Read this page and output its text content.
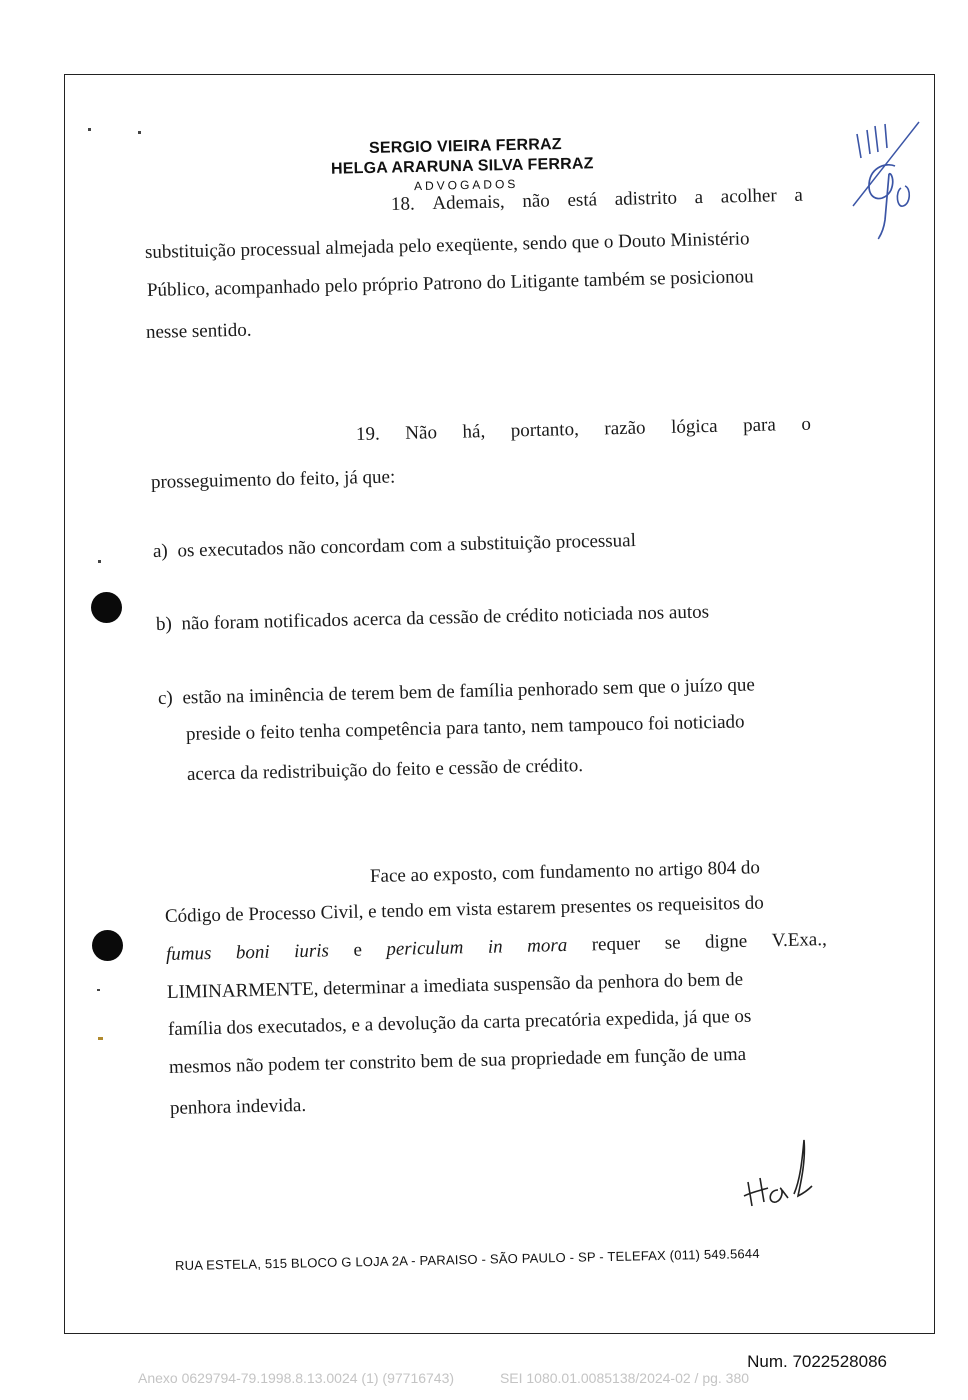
SERGIO VIEIRA FERRAZ
HELGA ARARUNA SILVA FERRAZ
ADVOGADOS
18. Ademais, não está adistrito a acolher a
substituição processual almejada pelo exeqüente, sendo que o Douto Ministério
Público, acompanhado pelo próprio Patrono do Litigante também se posicionou
nesse sentido.
19. Não há, portanto, razão lógica para o
prosseguimento do feito, já que:
a) os executados não concordam com a substituição processual
b) não foram notificados acerca da cessão de crédito noticiada nos autos
c) estão na iminência de terem bem de família penhorado sem que o juízo que
preside o feito tenha competência para tanto, nem tampouco foi noticiado
acerca da redistribuição do feito e cessão de crédito.
Face ao exposto, com fundamento no artigo 804 do
Código de Processo Civil, e tendo em vista estarem presentes os requeisitos do
fumus boni iuris e periculum in mora requer se digne V.Exa.,
LIMINARMENTE, determinar a imediata suspensão da penhora do bem de
família dos executados, e a devolução da carta precatória expedida, já que os
mesmos não podem ter constrito bem de sua propriedade em função de uma
penhora indevida.
RUA ESTELA, 515 BLOCO G LOJA 2A - PARAISO - SÃO PAULO - SP - TELEFAX (011) 549.5644
Num. 7022528086
Anexo 0629794-79.1998.8.13.0024 (1) (97716743)	SEI 1080.01.0085138/2024-02 / pg. 380
